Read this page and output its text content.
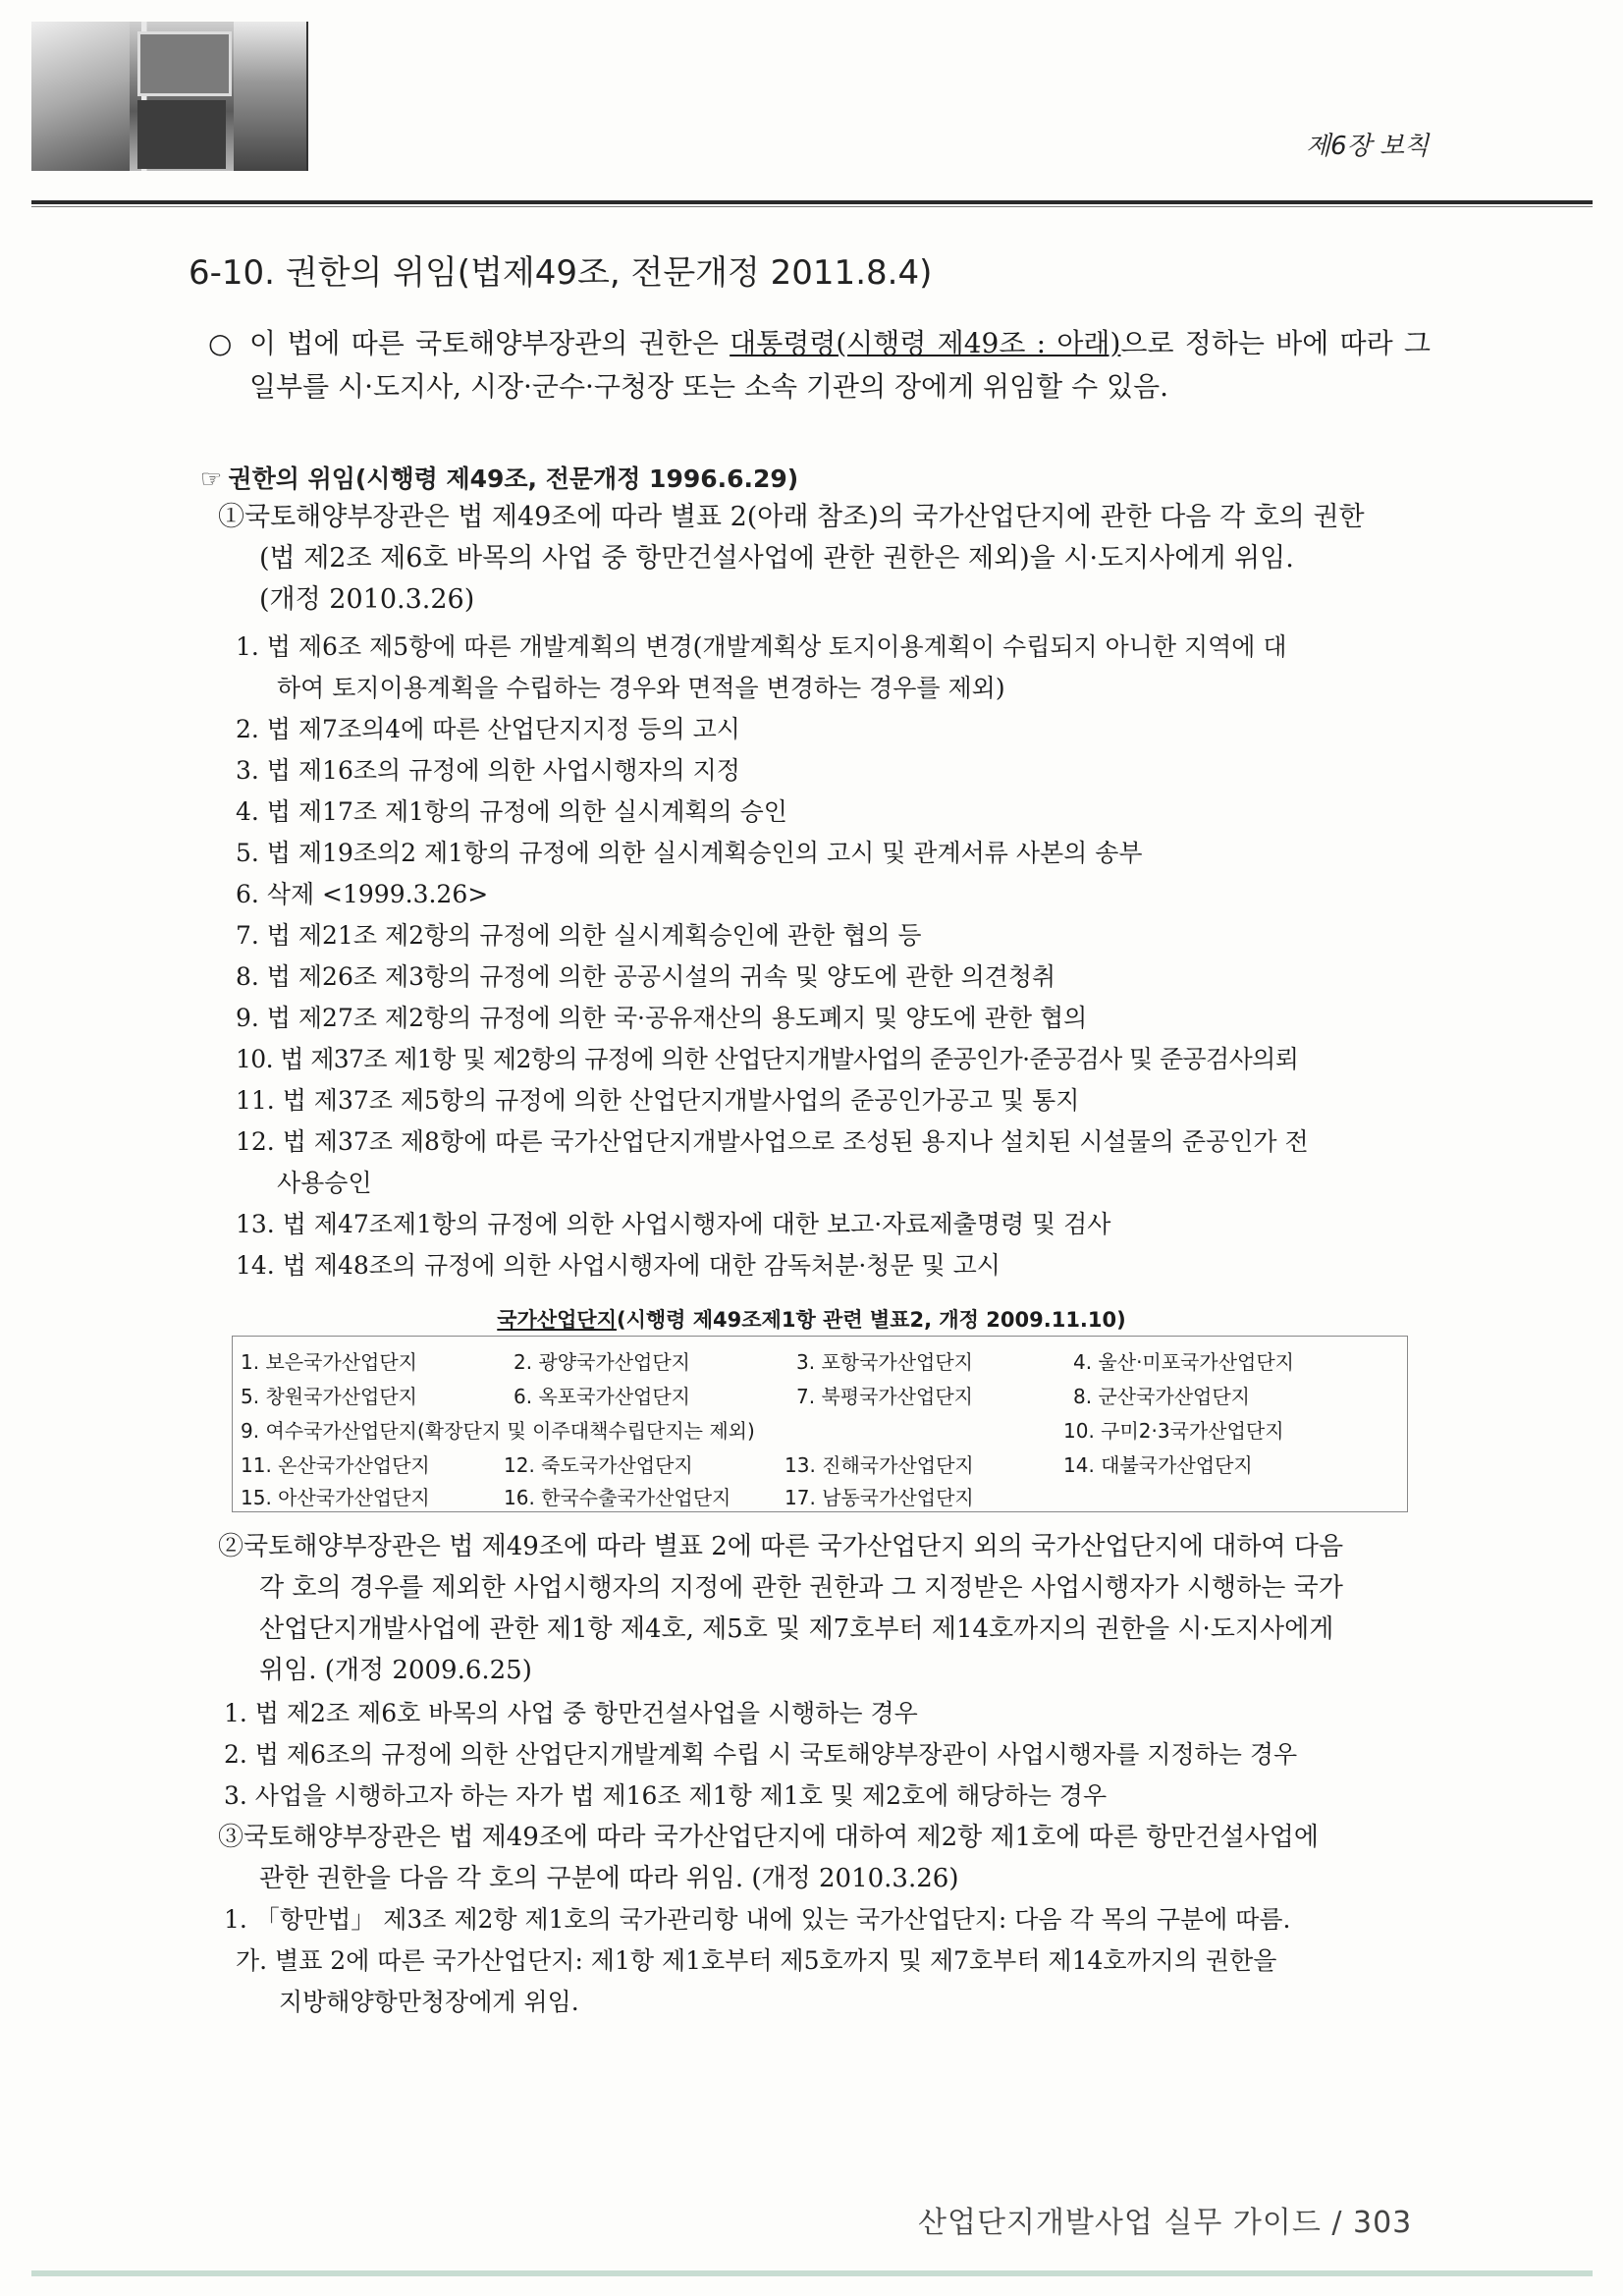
제6장 보칙
6-10. 권한의 위임(법제49조, 전문개정 2011.8.4)
○ 이 법에 따른 국토해양부장관의 권한은 대통령령(시행령 제49조 : 아래)으로 정하는 바에 따라 그 일부를 시·도지사, 시장·군수·구청장 또는 소속 기관의 장에게 위임할 수 있음.
☞ 권한의 위임(시행령 제49조, 전문개정 1996.6.29)

①국토해양부장관은 법 제49조에 따라 별표 2(아래 참조)의 국가산업단지에 관한 다음 각 호의 권한

(법 제2조 제6호 바목의 사업 중 항만건설사업에 관한 권한은 제외)을 시·도지사에게 위임.

(개정 2010.3.26)

1. 법 제6조 제5항에 따른 개발계획의 변경(개발계획상 토지이용계획이 수립되지 아니한 지역에 대
하여 토지이용계획을 수립하는 경우와 면적을 변경하는 경우를 제외)
2. 법 제7조의4에 따른 산업단지지정 등의 고시
3. 법 제16조의 규정에 의한 사업시행자의 지정
4. 법 제17조 제1항의 규정에 의한 실시계획의 승인
5. 법 제19조의2 제1항의 규정에 의한 실시계획승인의 고시 및 관계서류 사본의 송부
6. 삭제 <1999.3.26>
7. 법 제21조 제2항의 규정에 의한 실시계획승인에 관한 협의 등
8. 법 제26조 제3항의 규정에 의한 공공시설의 귀속 및 양도에 관한 의견청취
9. 법 제27조 제2항의 규정에 의한 국·공유재산의 용도폐지 및 양도에 관한 협의
10. 법 제37조 제1항 및 제2항의 규정에 의한 산업단지개발사업의 준공인가·준공검사 및 준공검사의뢰
11. 법 제37조 제5항의 규정에 의한 산업단지개발사업의 준공인가공고 및 통지
12. 법 제37조 제8항에 따른 국가산업단지개발사업으로 조성된 용지나 설치된 시설물의 준공인가 전
사용승인
13. 법 제47조제1항의 규정에 의한 사업시행자에 대한 보고·자료제출명령 및 검사
14. 법 제48조의 규정에 의한 사업시행자에 대한 감독처분·청문 및 고시
국가산업단지(시행령 제49조제1항 관련 별표2, 개정 2009.11.10)
1. 보은국가산업단지	2. 광양국가산업단지	3. 포항국가산업단지	4. 울산·미포국가산업단지
5. 창원국가산업단지	6. 옥포국가산업단지	7. 북평국가산업단지	8. 군산국가산업단지
9. 여수국가산업단지(확장단지 및 이주대책수립단지는 제외)	10. 구미2·3국가산업단지
11. 온산국가산업단지	12. 죽도국가산업단지	13. 진해국가산업단지	14. 대불국가산업단지
15. 아산국가산업단지	16. 한국수출국가산업단지	17. 남동국가산업단지

②국토해양부장관은 법 제49조에 따라 별표 2에 따른 국가산업단지 외의 국가산업단지에 대하여 다음

각 호의 경우를 제외한 사업시행자의 지정에 관한 권한과 그 지정받은 사업시행자가 시행하는 국가

산업단지개발사업에 관한 제1항 제4호, 제5호 및 제7호부터 제14호까지의 권한을 시·도지사에게

위임. (개정 2009.6.25)

1. 법 제2조 제6호 바목의 사업 중 항만건설사업을 시행하는 경우
2. 법 제6조의 규정에 의한 산업단지개발계획 수립 시 국토해양부장관이 사업시행자를 지정하는 경우
3. 사업을 시행하고자 하는 자가 법 제16조 제1항 제1호 및 제2호에 해당하는 경우

③국토해양부장관은 법 제49조에 따라 국가산업단지에 대하여 제2항 제1호에 따른 항만건설사업에

관한 권한을 다음 각 호의 구분에 따라 위임. (개정 2010.3.26)

1. 「항만법」 제3조 제2항 제1호의 국가관리항 내에 있는 국가산업단지: 다음 각 목의 구분에 따름.
가. 별표 2에 따른 국가산업단지: 제1항 제1호부터 제5호까지 및 제7호부터 제14호까지의 권한을
지방해양항만청장에게 위임.
산업단지개발사업 실무 가이드 / 303
